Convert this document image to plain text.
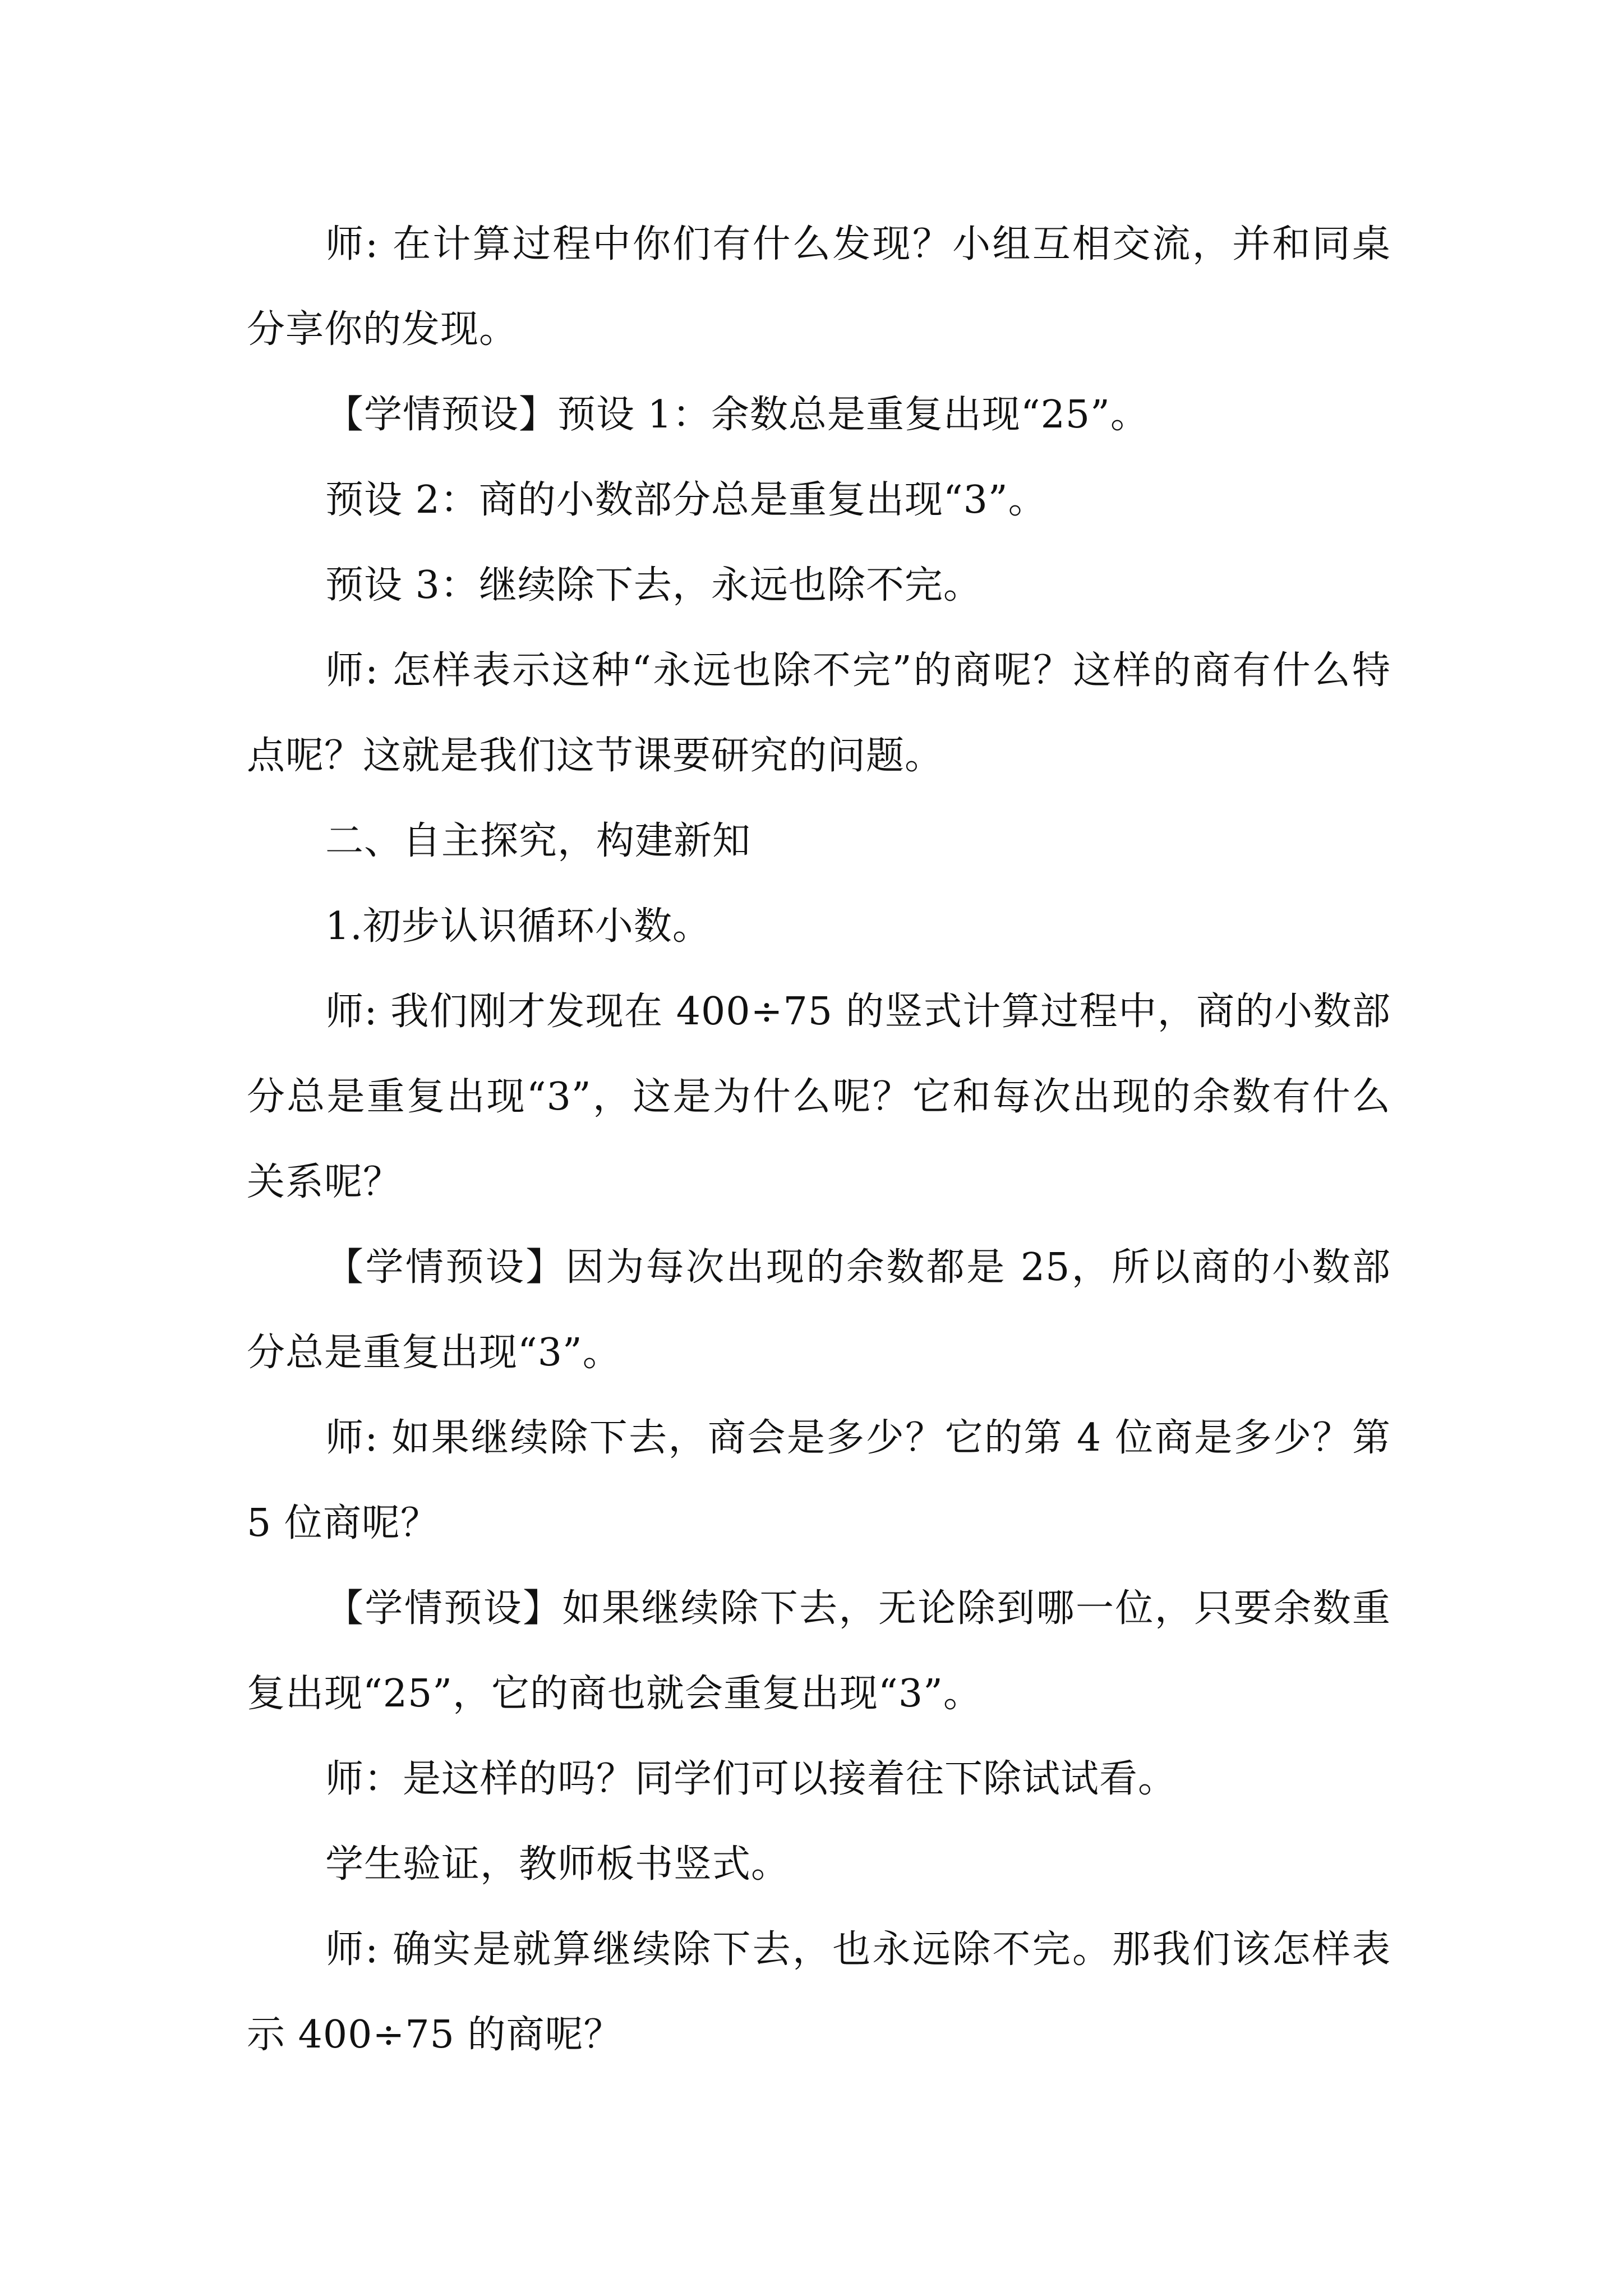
师: 在计算过程中你们有什么发现？小组互相交流，并和同桌分享你的发现。

【学情预设】预设 1：余数总是重复出现“25”。

预设 2：商的小数部分总是重复出现“3”。

预设 3：继续除下去，永远也除不完。

师: 怎样表示这种“永远也除不完”的商呢？这样的商有什么特点呢？这就是我们这节课要研究的问题。

二、自主探究，构建新知

1.初步认识循环小数。

师: 我们刚才发现在 400÷75 的竖式计算过程中，商的小数部分总是重复出现“3”，这是为什么呢？它和每次出现的余数有什么关系呢？

【学情预设】因为每次出现的余数都是 25，所以商的小数部分总是重复出现“3”。

师: 如果继续除下去，商会是多少？它的第 4 位商是多少？第 5 位商呢？

【学情预设】如果继续除下去，无论除到哪一位，只要余数重复出现“25”，它的商也就会重复出现“3”。

师：是这样的吗？同学们可以接着往下除试试看。

学生验证，教师板书竖式。

师: 确实是就算继续除下去，也永远除不完。那我们该怎样表示 400÷75 的商呢？
